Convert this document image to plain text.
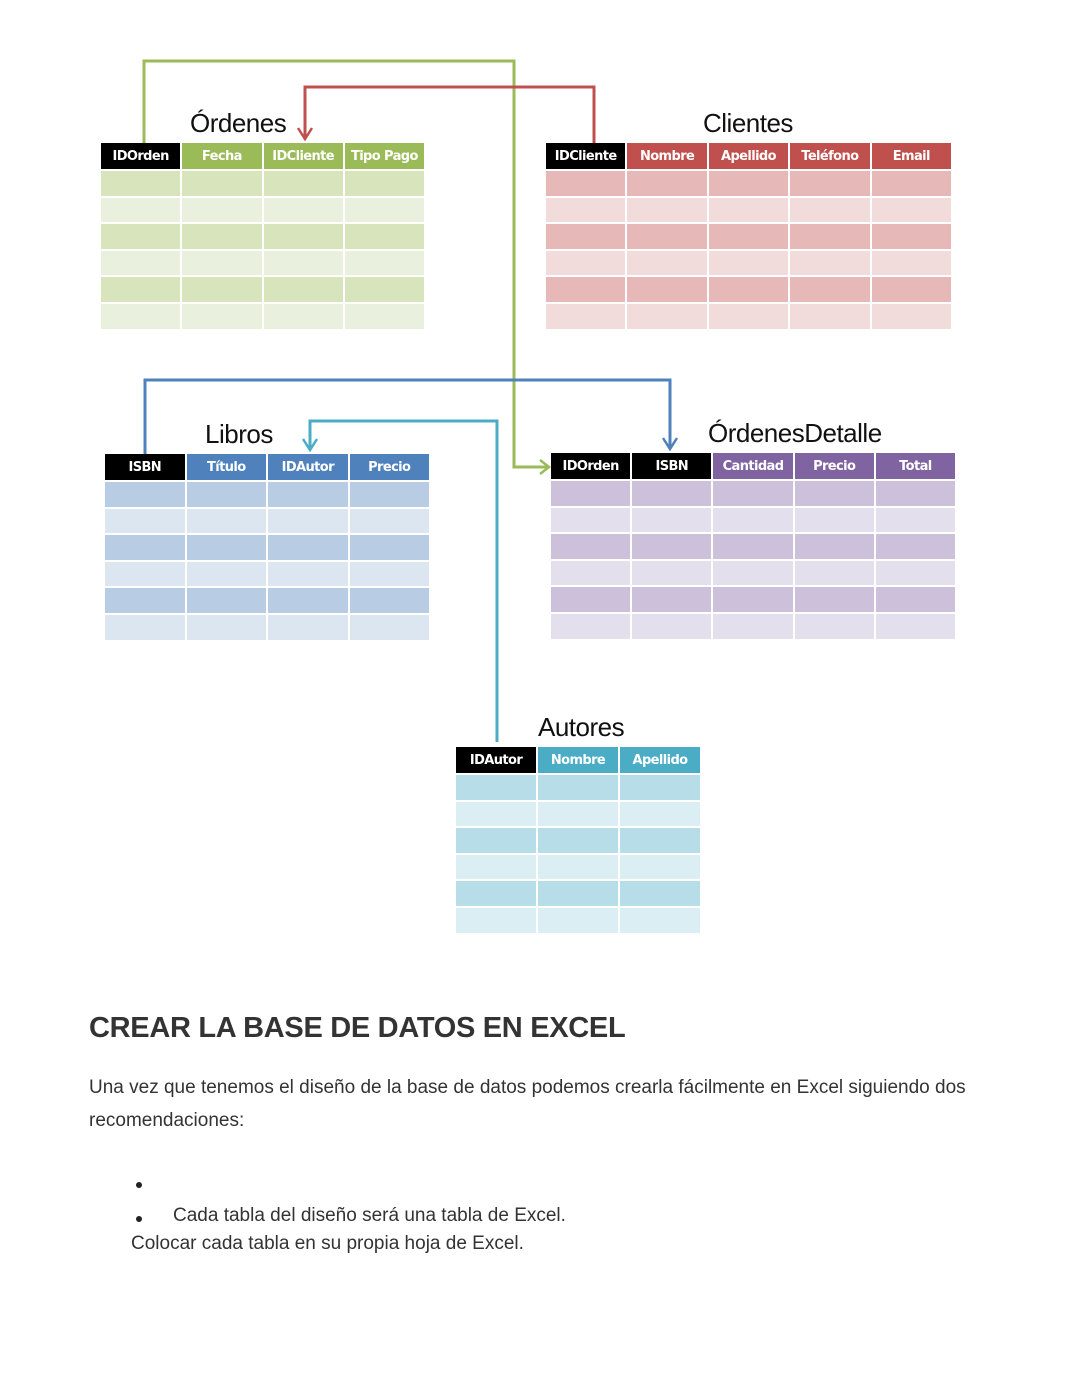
Órdenes
IDOrden	Fecha	IDCliente	Tipo Pago
Clientes
IDCliente	Nombre	Apellido	Teléfono	Email
Libros
ISBN	Título	IDAutor	Precio
ÓrdenesDetalle
IDOrden	ISBN	Cantidad	Precio	Total
Autores
IDAutor	Nombre	Apellido
CREAR LA BASE DE DATOS EN EXCEL
Una vez que tenemos el diseño de la base de datos podemos crearla fácilmente en Excel siguiendo dos recomendaciones:
Cada tabla del diseño será una tabla de Excel.
Colocar cada tabla en su propia hoja de Excel.
